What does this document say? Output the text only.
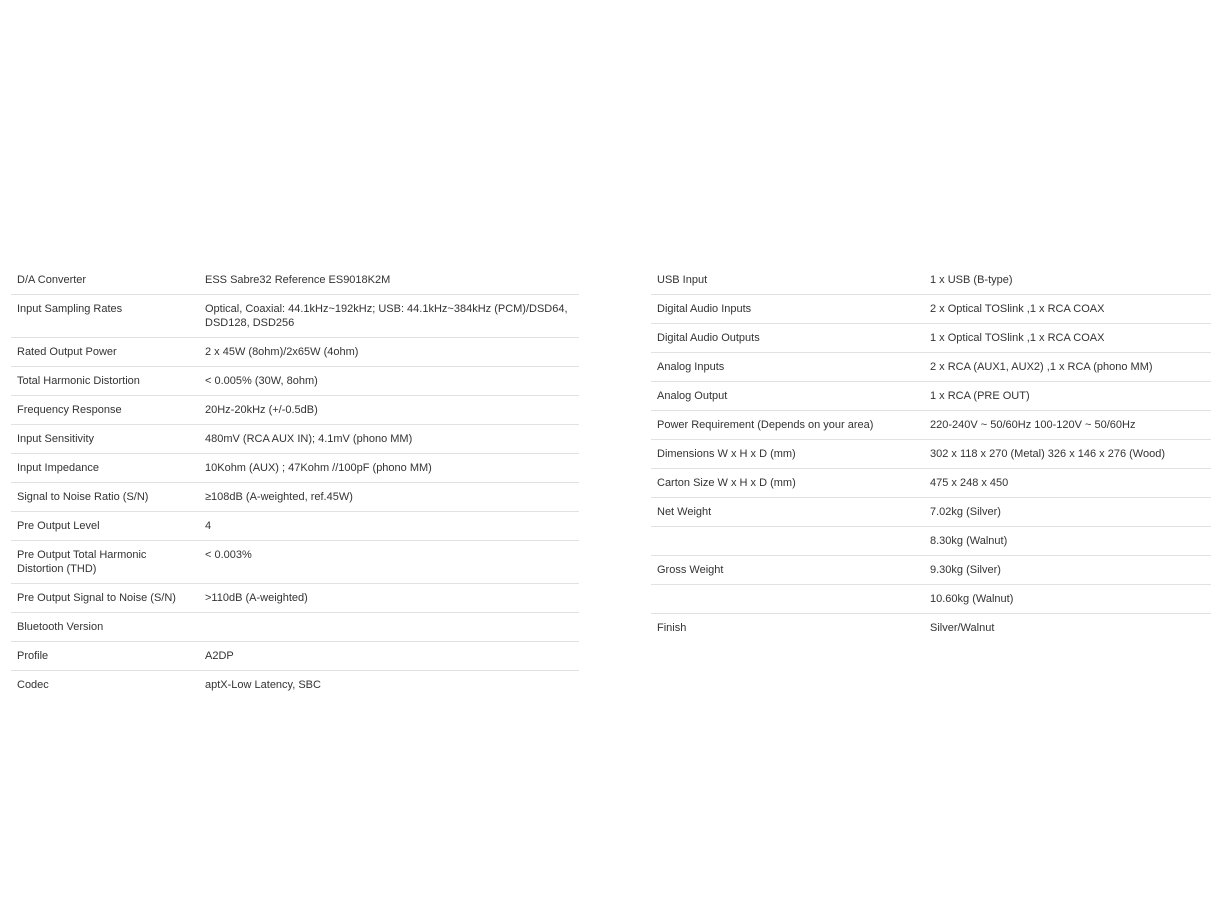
D/A Converter	ESS Sabre32 Reference ES9018K2M
Input Sampling Rates	Optical, Coaxial: 44.1kHz~192kHz; USB: 44.1kHz~384kHz (PCM)/DSD64, DSD128, DSD256
Rated Output Power	2 x 45W (8ohm)/2x65W (4ohm)
Total Harmonic Distortion	< 0.005% (30W, 8ohm)
Frequency Response	20Hz-20kHz (+/-0.5dB)
Input Sensitivity	480mV (RCA AUX IN); 4.1mV (phono MM)
Input Impedance	10Kohm (AUX) ; 47Kohm //100pF (phono MM)
Signal to Noise Ratio (S/N)	≥108dB (A-weighted, ref.45W)
Pre Output Level	4
Pre Output Total Harmonic Distortion (THD)	< 0.003%
Pre Output Signal to Noise (S/N)	>110dB (A-weighted)
Bluetooth Version	
Profile	A2DP
Codec	aptX-Low Latency, SBC
USB Input	1 x USB (B-type)
Digital Audio Inputs	2 x Optical TOSlink ,1 x RCA COAX
Digital Audio Outputs	1 x Optical TOSlink ,1 x RCA COAX
Analog Inputs	2 x RCA (AUX1, AUX2) ,1 x RCA (phono MM)
Analog Output	1 x RCA (PRE OUT)
Power Requirement (Depends on your area)	220-240V ~ 50/60Hz 100-120V ~ 50/60Hz
Dimensions W x H x D (mm)	302 x 118 x 270 (Metal) 326 x 146 x 276 (Wood)
Carton Size W x H x D (mm)	475 x 248 x 450
Net Weight	7.02kg (Silver)
	8.30kg (Walnut)
Gross Weight	9.30kg (Silver)
	10.60kg (Walnut)
Finish	Silver/Walnut
